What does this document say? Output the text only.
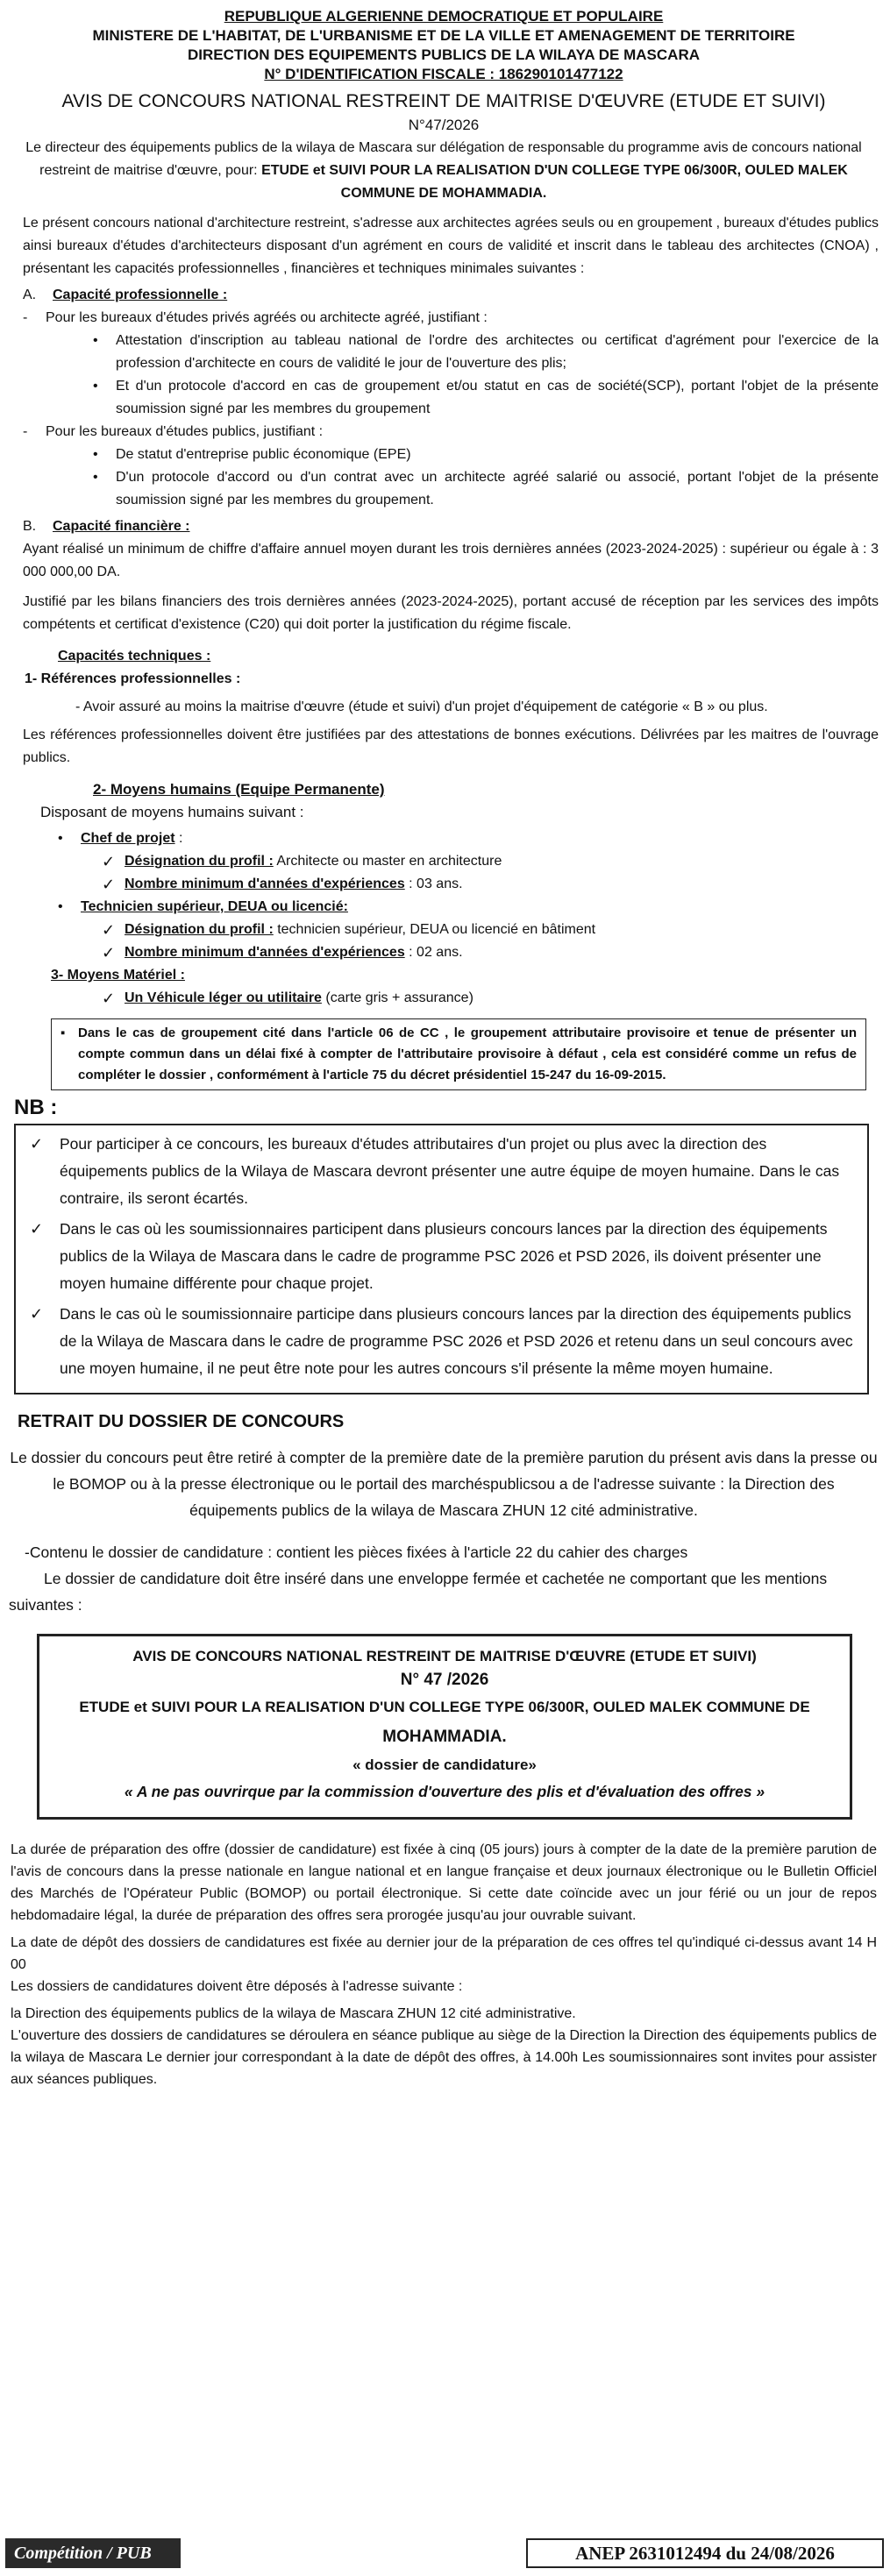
REPUBLIQUE ALGERIENNE DEMOCRATIQUE ET POPULAIRE
MINISTERE DE L'HABITAT, DE L'URBANISME ET DE LA VILLE ET AMENAGEMENT DE TERRITOIRE
DIRECTION DES EQUIPEMENTS PUBLICS DE LA WILAYA DE MASCARA
N° D'IDENTIFICATION FISCALE : 186290101477122
AVIS DE CONCOURS NATIONAL RESTREINT DE MAITRISE D'ŒUVRE (ETUDE ET SUIVI)
N°47/2026
Le directeur des équipements publics de la wilaya de Mascara sur délégation de responsable du programme avis de concours national restreint de maitrise d'œuvre, pour: ETUDE et SUIVI POUR LA REALISATION D'UN COLLEGE TYPE 06/300R, OULED MALEK COMMUNE DE MOHAMMADIA.
Le présent concours national d'architecture restreint, s'adresse aux architectes agrées seuls ou en groupement , bureaux d'études publics ainsi bureaux d'études d'architecteurs disposant d'un agrément en cours de validité et inscrit dans le tableau des architectes (CNOA) , présentant les capacités professionnelles , financières et techniques minimales suivantes :
A.	Capacité professionnelle :
-	Pour les bureaux d'études privés agréés ou architecte agréé, justifiant :
•	Attestation d'inscription au tableau national de l'ordre des architectes ou certificat d'agrément pour l'exercice de la profession d'architecte en cours de validité le jour de l'ouverture des plis;
•	Et d'un protocole d'accord en cas de groupement et/ou statut en cas de société(SCP), portant l'objet de la présente soumission signé par les membres du groupement
-	Pour les bureaux d'études publics, justifiant :
•	De statut d'entreprise public économique (EPE)
•	D'un protocole d'accord ou d'un contrat avec un architecte agréé salarié ou associé, portant l'objet de la présente soumission signé par les membres du groupement.
B.	Capacité financière :
Ayant réalisé un minimum de chiffre d'affaire annuel moyen durant les trois dernières années (2023-2024-2025) : supérieur ou égale à : 3 000 000,00 DA.
Justifié par les bilans financiers des trois dernières années (2023-2024-2025), portant accusé de réception par les services des impôts compétents et certificat d'existence (C20) qui doit porter la justification du régime fiscale.
Capacités techniques :
1- Références professionnelles :
- Avoir assuré au moins la maitrise d'œuvre (étude et suivi) d'un projet d'équipement de catégorie « B » ou plus.
Les références professionnelles doivent être justifiées par des attestations de bonnes exécutions. Délivrées par les maitres de l'ouvrage publics.
2- Moyens humains (Equipe Permanente)
Disposant de moyens humains suivant :
•	Chef de projet :
✓ Désignation du profil : Architecte ou master en architecture
✓ Nombre minimum d'années d'expériences : 03 ans.
•	Technicien supérieur, DEUA ou licencié:
✓ Désignation du profil : technicien supérieur, DEUA ou licencié en bâtiment
✓ Nombre minimum d'années d'expériences : 02 ans.
3- Moyens Matériel :
✓ Un Véhicule léger ou utilitaire (carte gris + assurance)
▪ Dans le cas de groupement cité dans l'article 06 de CC , le groupement attributaire provisoire et tenue de présenter un compte commun dans un délai fixé à compter de l'attributaire provisoire à défaut , cela est considéré comme un refus de compléter le dossier , conformément à l'article 75 du décret présidentiel 15-247 du 16-09-2015.
NB :
✓	Pour participer à ce concours, les bureaux d'études attributaires d'un projet ou plus avec la direction des équipements publics de la Wilaya de Mascara devront présenter une autre équipe de moyen humaine. Dans le cas contraire, ils seront écartés.
✓	Dans le cas où les soumissionnaires participent dans plusieurs concours lances par la direction des équipements publics de la Wilaya de Mascara dans le cadre de programme PSC 2026 et PSD 2026, ils doivent présenter une moyen humaine différente pour chaque projet.
✓	Dans le cas où le soumissionnaire participe dans plusieurs concours lances par la direction des équipements publics de la Wilaya de Mascara dans le cadre de programme PSC 2026 et PSD 2026 et retenu dans un seul concours avec une moyen humaine, il ne peut être note pour les autres concours s'il présente la même moyen humaine.
RETRAIT DU DOSSIER DE CONCOURS
Le dossier du concours peut être retiré à compter de la première date de la première parution du présent avis dans la presse ou le BOMOP ou à la presse électronique ou le portail des marchéspublicsou a de l'adresse suivante : la Direction des équipements publics de la wilaya de Mascara ZHUN 12 cité administrative.
-Contenu le dossier de candidature : contient les pièces fixées à l'article 22 du cahier des charges
Le dossier de candidature doit être inséré dans une enveloppe fermée et cachetée ne comportant que les mentions suivantes :
AVIS DE CONCOURS NATIONAL RESTREINT DE MAITRISE D'ŒUVRE (ETUDE ET SUIVI)
N° 47 /2026
ETUDE et SUIVI POUR LA REALISATION D'UN COLLEGE TYPE 06/300R, OULED MALEK COMMUNE DE
MOHAMMADIA.
« dossier de candidature»
« A ne pas ouvrirque par la commission d'ouverture des plis et d'évaluation des offres »
La durée de préparation des offre (dossier de candidature) est fixée à cinq (05 jours) jours à compter de la date de la première parution de l'avis de concours dans la presse nationale en langue national et en langue française et deux journaux électronique ou le Bulletin Officiel des Marchés de l'Opérateur Public (BOMOP) ou portail électronique. Si cette date coïncide avec un jour férié ou un jour de repos hebdomadaire légal, la durée de préparation des offres sera prorogée jusqu'au jour ouvrable suivant.
La date de dépôt des dossiers de candidatures est fixée au dernier jour de la préparation de ces offres tel qu'indiqué ci-dessus avant 14 H 00
Les dossiers de candidatures doivent être déposés à l'adresse suivante :
la Direction des équipements publics de la wilaya de Mascara ZHUN 12 cité administrative.
L'ouverture des dossiers de candidatures se déroulera en séance publique au siège de la Direction la Direction des équipements publics de la wilaya de Mascara Le dernier jour correspondant à la date de dépôt des offres, à 14.00h Les soumissionnaires sont invites pour assister aux séances publiques.
Compétition / PUB	ANEP 2631012494 du 24/08/2026
